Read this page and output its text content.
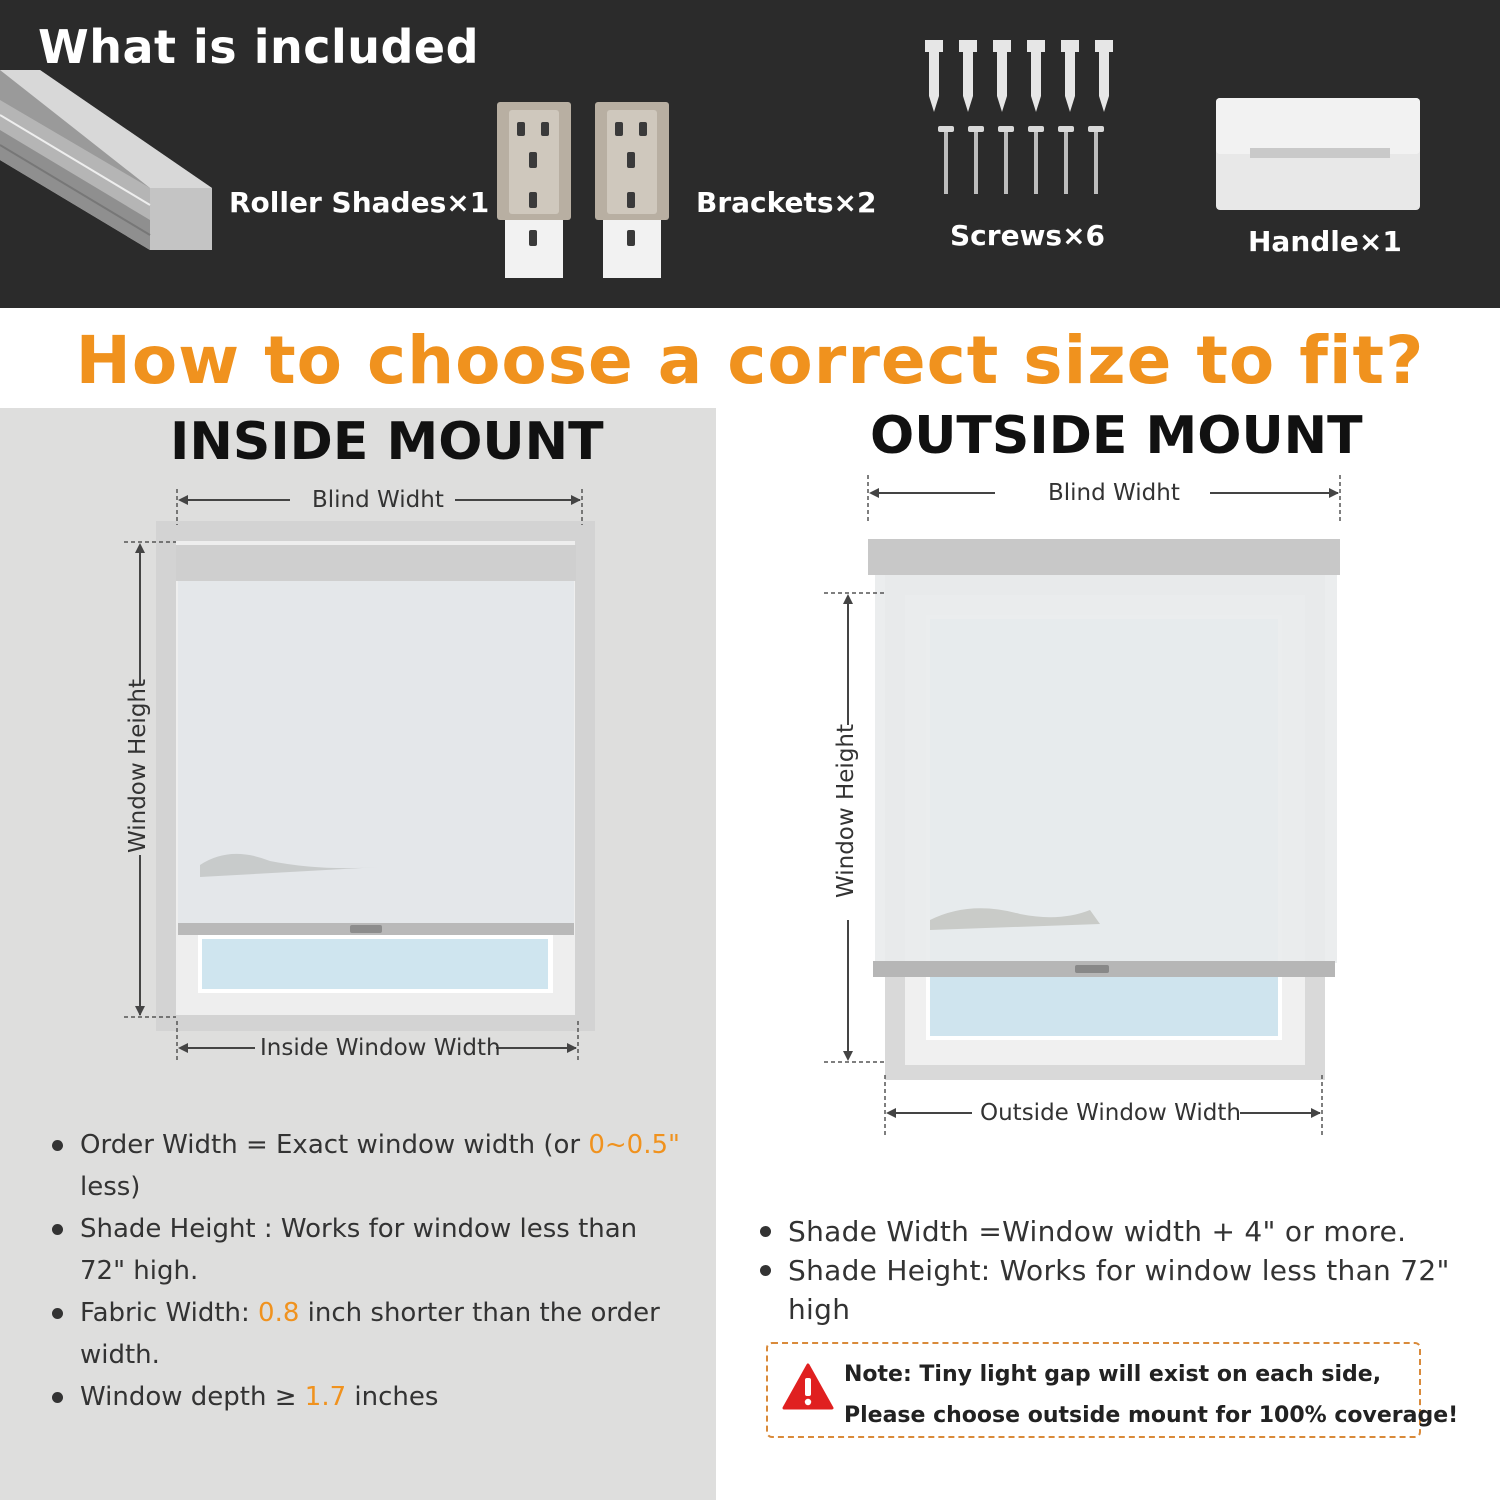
What is included
Roller Shades×1	Brackets×2
Screws×6	Handle×1
How to choose a correct size to fit?
INSIDE MOUNT
Blind Widht
Window Height
Inside Window Width
Order Width = Exact window width (or 0~0.5" less)
Shade Height : Works for window less than 72" high.
Fabric Width: 0.8 inch shorter than the order width.
Window depth ≥ 1.7 inches
OUTSIDE MOUNT
Blind Widht
Window Height
Outside Window Width
Shade Width =Window width + 4" or more.
Shade Height: Works for window less than 72" high
Note: Tiny light gap will exist on each side,
Please choose outside mount for 100% coverage!
